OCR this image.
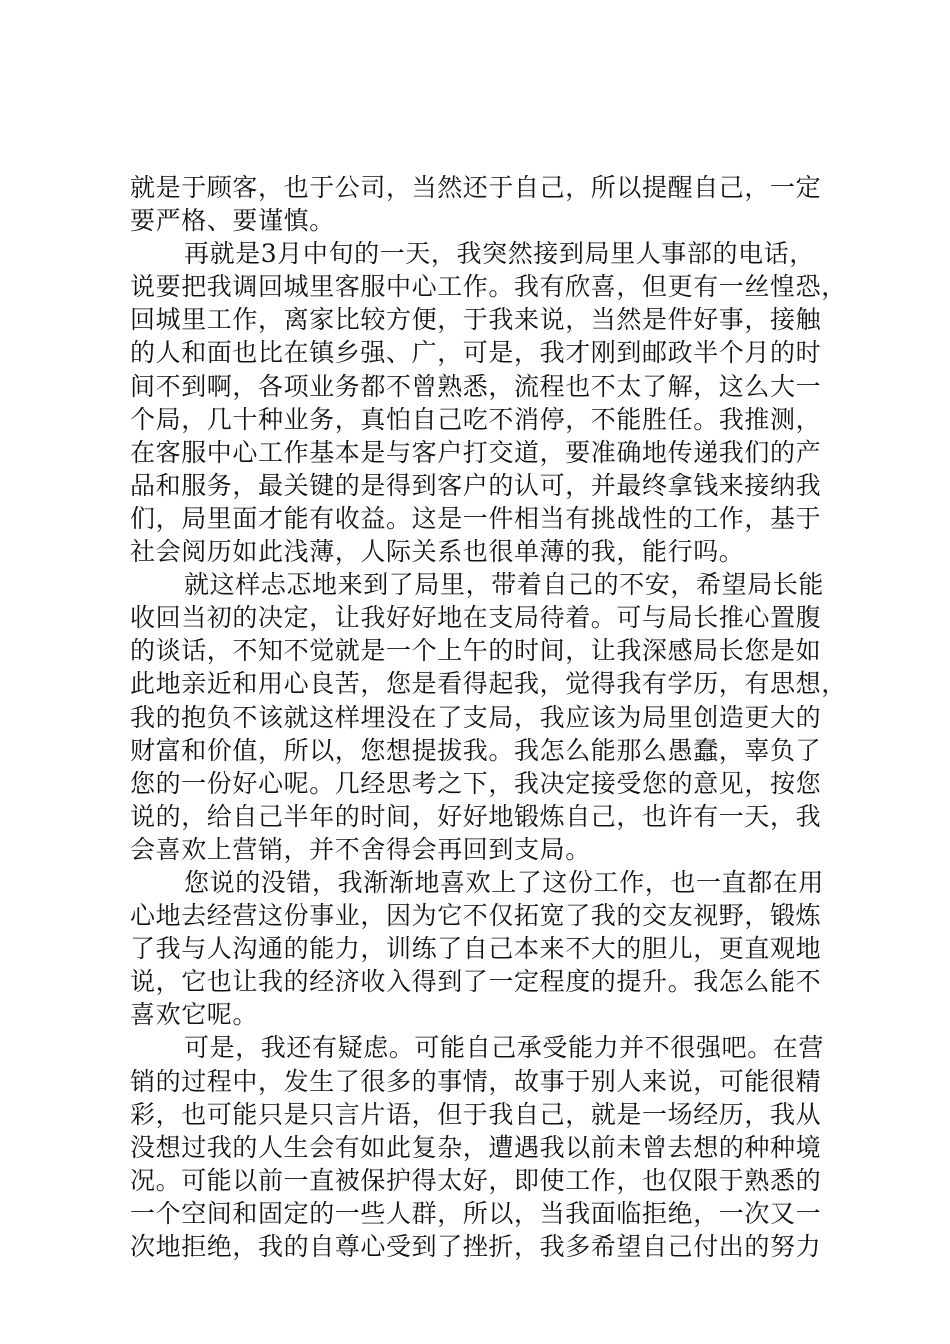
就是于顾客，也于公司，当然还于自己，所以提醒自己，一定
要严格、要谨慎。
再就是3月中旬的一天，我突然接到局里人事部的电话，
说要把我调回城里客服中心工作。我有欣喜，但更有一丝惶恐，
回城里工作，离家比较方便，于我来说，当然是件好事，接触
的人和面也比在镇乡强、广，可是，我才刚到邮政半个月的时
间不到啊，各项业务都不曾熟悉，流程也不太了解，这么大一
个局，几十种业务，真怕自己吃不消停，不能胜任。我推测，
在客服中心工作基本是与客户打交道，要准确地传递我们的产
品和服务，最关键的是得到客户的认可，并最终拿钱来接纳我
们，局里面才能有收益。这是一件相当有挑战性的工作，基于
社会阅历如此浅薄，人际关系也很单薄的我，能行吗。
就这样忐忑地来到了局里，带着自己的不安，希望局长能
收回当初的决定，让我好好地在支局待着。可与局长推心置腹
的谈话，不知不觉就是一个上午的时间，让我深感局长您是如
此地亲近和用心良苦，您是看得起我，觉得我有学历，有思想，
我的抱负不该就这样埋没在了支局，我应该为局里创造更大的
财富和价值，所以，您想提拔我。我怎么能那么愚蠢，辜负了
您的一份好心呢。几经思考之下，我决定接受您的意见，按您
说的，给自己半年的时间，好好地锻炼自己，也许有一天，我
会喜欢上营销，并不舍得会再回到支局。
您说的没错，我渐渐地喜欢上了这份工作，也一直都在用
心地去经营这份事业，因为它不仅拓宽了我的交友视野，锻炼
了我与人沟通的能力，训练了自己本来不大的胆儿，更直观地
说，它也让我的经济收入得到了一定程度的提升。我怎么能不
喜欢它呢。
可是，我还有疑虑。可能自己承受能力并不很强吧。在营
销的过程中，发生了很多的事情，故事于别人来说，可能很精
彩，也可能只是只言片语，但于我自己，就是一场经历，我从
没想过我的人生会有如此复杂，遭遇我以前未曾去想的种种境
况。可能以前一直被保护得太好，即使工作，也仅限于熟悉的
一个空间和固定的一些人群，所以，当我面临拒绝，一次又一
次地拒绝，我的自尊心受到了挫折，我多希望自己付出的努力
